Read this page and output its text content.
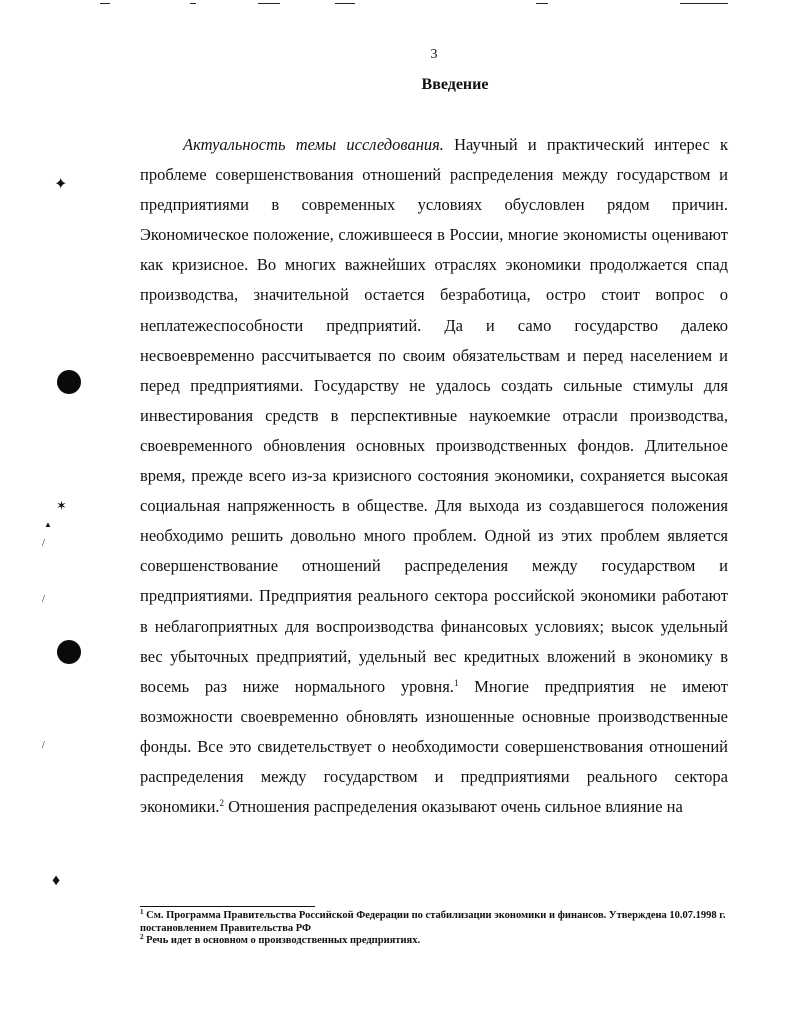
✦
✶
▲
/
/
/
♦
3
Введение

Актуальность темы исследования. Научный и практический интерес к проблеме совершенствования отношений распределения между государством и предприятиями в современных условиях обусловлен рядом причин. Экономическое положение, сложившееся в России, многие экономисты оценивают как кризисное. Во многих важнейших отраслях экономики продолжается спад производства, значительной остается безработица, остро стоит вопрос о неплатежеспособности предприятий. Да и само государство далеко несвоевременно рассчитывается по своим обязательствам и перед населением и перед предприятиями. Государству не удалось создать сильные стимулы для инвестирования средств в перспективные наукоемкие отрасли производства, своевременного обновления основных производственных фондов. Длительное время, прежде всего из-за кризисного состояния экономики, сохраняется высокая социальная напряженность в обществе. Для выхода из создавшегося положения необходимо решить довольно много проблем. Одной из этих проблем является совершенствование отношений распределения между государством и предприятиями. Предприятия реального сектора российской экономики работают в неблагоприятных для воспроизводства финансовых условиях; высок удельный вес убыточных предприятий, удельный вес кредитных вложений в экономику в восемь раз ниже нормального уровня.$^1$ Многие предприятия не имеют возможности своевременно обновлять изношенные основные производственные фонды. Все это свидетельствует о необходимости совершенствования отношений распределения между государством и предприятиями реального сектора экономики.$^2$ Отношения распределения оказывают очень сильное влияние на

$^1$ См. Программа Правительства Российской Федерации по стабилизации экономики и финансов. Утверждена 10.07.1998 г. постановлением Правительства РФ
$^2$ Речь идет в основном о производственных предприятиях.
